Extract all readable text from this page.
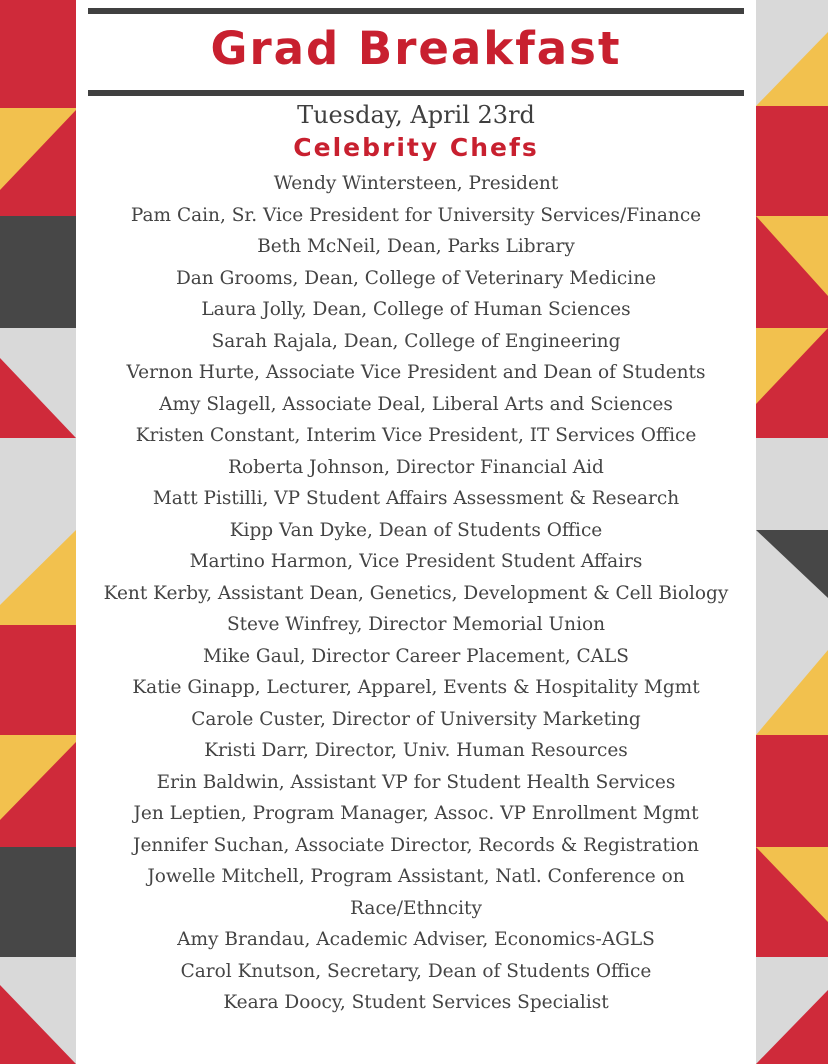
Grad Breakfast
Tuesday, April 23rd
Celebrity Chefs
Wendy Wintersteen, President
Pam Cain, Sr. Vice President for University Services/Finance
Beth McNeil, Dean, Parks Library
Dan Grooms, Dean, College of Veterinary Medicine
Laura Jolly, Dean, College of Human Sciences
Sarah Rajala, Dean, College of Engineering
Vernon Hurte, Associate Vice President and Dean of Students
Amy Slagell, Associate Deal, Liberal Arts and Sciences
Kristen Constant, Interim Vice President, IT Services Office
Roberta Johnson, Director Financial Aid
Matt Pistilli, VP Student Affairs Assessment & Research
Kipp Van Dyke, Dean of Students Office
Martino Harmon, Vice President Student Affairs
Kent Kerby, Assistant Dean, Genetics, Development & Cell Biology
Steve Winfrey, Director Memorial Union
Mike Gaul, Director Career Placement, CALS
Katie Ginapp, Lecturer, Apparel, Events & Hospitality Mgmt
Carole Custer, Director of University Marketing
Kristi Darr, Director, Univ. Human Resources
Erin Baldwin, Assistant VP for Student Health Services
Jen Leptien, Program Manager, Assoc. VP Enrollment Mgmt
Jennifer Suchan, Associate Director, Records & Registration
Jowelle Mitchell, Program Assistant, Natl. Conference on Race/Ethncity
Amy Brandau, Academic Adviser, Economics-AGLS
Carol Knutson, Secretary, Dean of Students Office
Keara Doocy, Student Services Specialist
